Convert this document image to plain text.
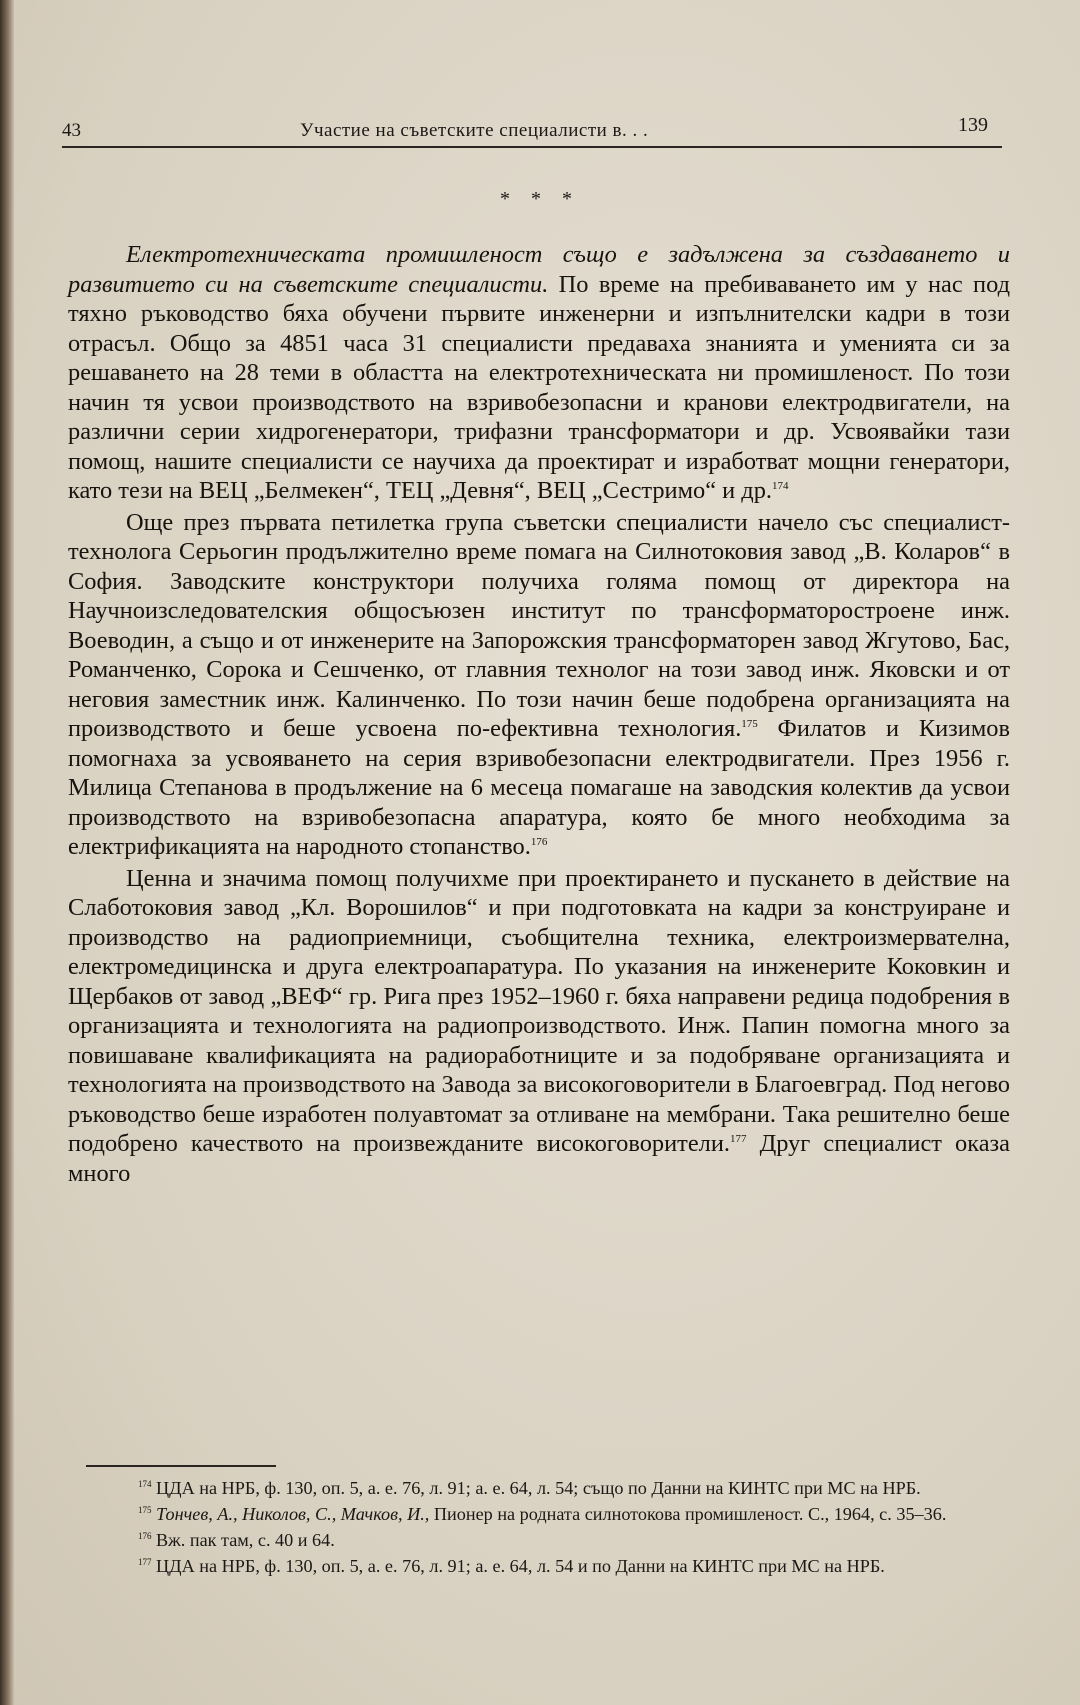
43	Участие на съветските специалисти в. . .	139
* * *

Електротехническата промишленост също е задължена за създаването и развитието си на съветските специалисти. По време на пребиваването им у нас под тяхно ръководство бяха обучени първите инженерни и изпълнителски кадри в този отрасъл. Общо за 4851 часа 31 специалисти предаваха знанията и уменията си за решаването на 28 теми в областта на електротехническата ни промишленост. По този начин тя усвои производството на взривобезопасни и кранови електродвигатели, на различни серии хидрогенератори, трифазни трансформатори и др. Усвоявайки тази помощ, нашите специалисти се научиха да проектират и изработват мощни генератори, като тези на ВЕЦ „Белмекен“, ТЕЦ „Девня“, ВЕЦ „Сестримо“ и др.$^{174}$

Още през първата петилетка група съветски специалисти начело със специалист-технолога Серьогин продължително време помага на Силнотоковия завод „В. Коларов“ в София. Заводските конструктори получиха голяма помощ от директора на Научноизследователския общосъюзен институт по трансформаторостроене инж. Воеводин, а също и от инженерите на Запорожския трансформаторен завод Жгутово, Бас, Романченко, Сорока и Сешченко, от главния технолог на този завод инж. Яковски и от неговия заместник инж. Калинченко. По този начин беше подобрена организацията на производството и беше усвоена по-ефективна технология.$^{175}$ Филатов и Кизимов помогнаха за усвояването на серия взривобезопасни електродвигатели. През 1956 г. Милица Степанова в продължение на 6 месеца помагаше на заводския колектив да усвои производството на взривобезопасна апаратура, която бе много необходима за електрификацията на народното стопанство.$^{176}$

Ценна и значима помощ получихме при проектирането и пускането в действие на Слаботоковия завод „Кл. Ворошилов“ и при подготовката на кадри за конструиране и производство на радиоприемници, съобщителна техника, електроизмервателна, електромедицинска и друга електроапаратура. По указания на инженерите Коковкин и Щербаков от завод „ВЕФ“ гр. Рига през 1952–1960 г. бяха направени редица подобрения в организацията и технологията на радиопроизводството. Инж. Папин помогна много за повишаване квалификацията на радиоработниците и за подобряване организацията и технологията на производството на Завода за високоговорители в Благоевград. Под негово ръководство беше изработен полуавтомат за отливане на мембрани. Така решително беше подобрено качеството на произвежданите високоговорители.$^{177}$ Друг специалист оказа много

$^{174}$ ЦДА на НРБ, ф. 130, оп. 5, а. е. 76, л. 91; а. е. 64, л. 54; също по Данни на КИНТС при МС на НРБ.

$^{175}$ Тончев, А., Николов, С., Мачков, И., Пионер на родната силнотокова промишленост. С., 1964, с. 35–36.

$^{176}$ Вж. пак там, с. 40 и 64.

$^{177}$ ЦДА на НРБ, ф. 130, оп. 5, а. е. 76, л. 91; а. е. 64, л. 54 и по Данни на КИНТС при МС на НРБ.
